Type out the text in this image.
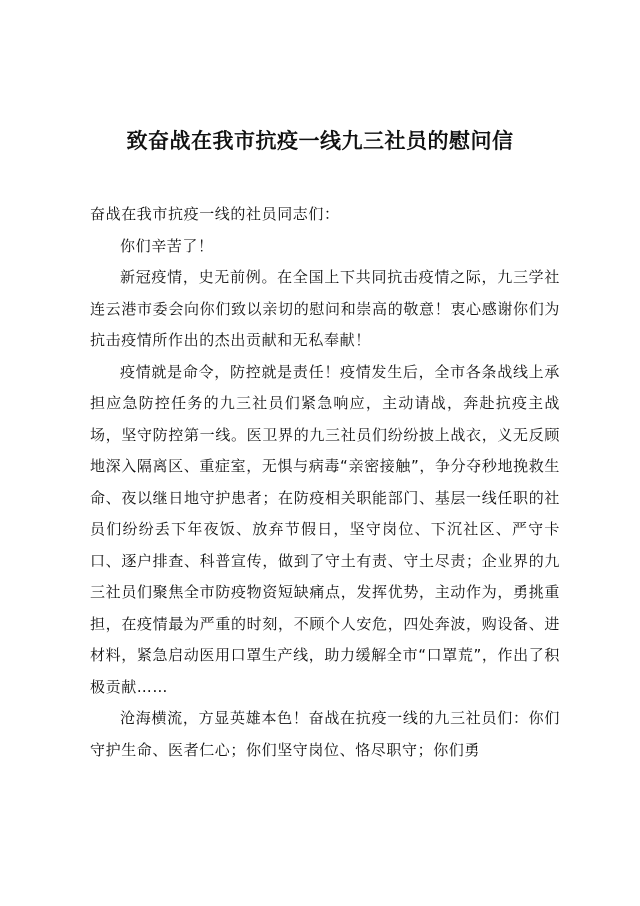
致奋战在我市抗疫一线九三社员的慰问信

奋战在我市抗疫一线的社员同志们：

你们辛苦了！

新冠疫情，史无前例。在全国上下共同抗击疫情之际，九三学社连云港市委会向你们致以亲切的慰问和崇高的敬意！衷心感谢你们为抗击疫情所作出的杰出贡献和无私奉献！

疫情就是命令，防控就是责任！疫情发生后，全市各条战线上承担应急防控任务的九三社员们紧急响应，主动请战，奔赴抗疫主战场，坚守防控第一线。医卫界的九三社员们纷纷披上战衣，义无反顾地深入隔离区、重症室，无惧与病毒“亲密接触”，争分夺秒地挽救生命、夜以继日地守护患者；在防疫相关职能部门、基层一线任职的社员们纷纷丢下年夜饭、放弃节假日，坚守岗位、下沉社区、严守卡口、逐户排查、科普宣传，做到了守土有责、守土尽责；企业界的九三社员们聚焦全市防疫物资短缺痛点，发挥优势，主动作为，勇挑重担，在疫情最为严重的时刻，不顾个人安危，四处奔波，购设备、进材料，紧急启动医用口罩生产线，助力缓解全市“口罩荒”，作出了积极贡献……

沧海横流，方显英雄本色！奋战在抗疫一线的九三社员们：你们守护生命、医者仁心；你们坚守岗位、恪尽职守；你们勇
